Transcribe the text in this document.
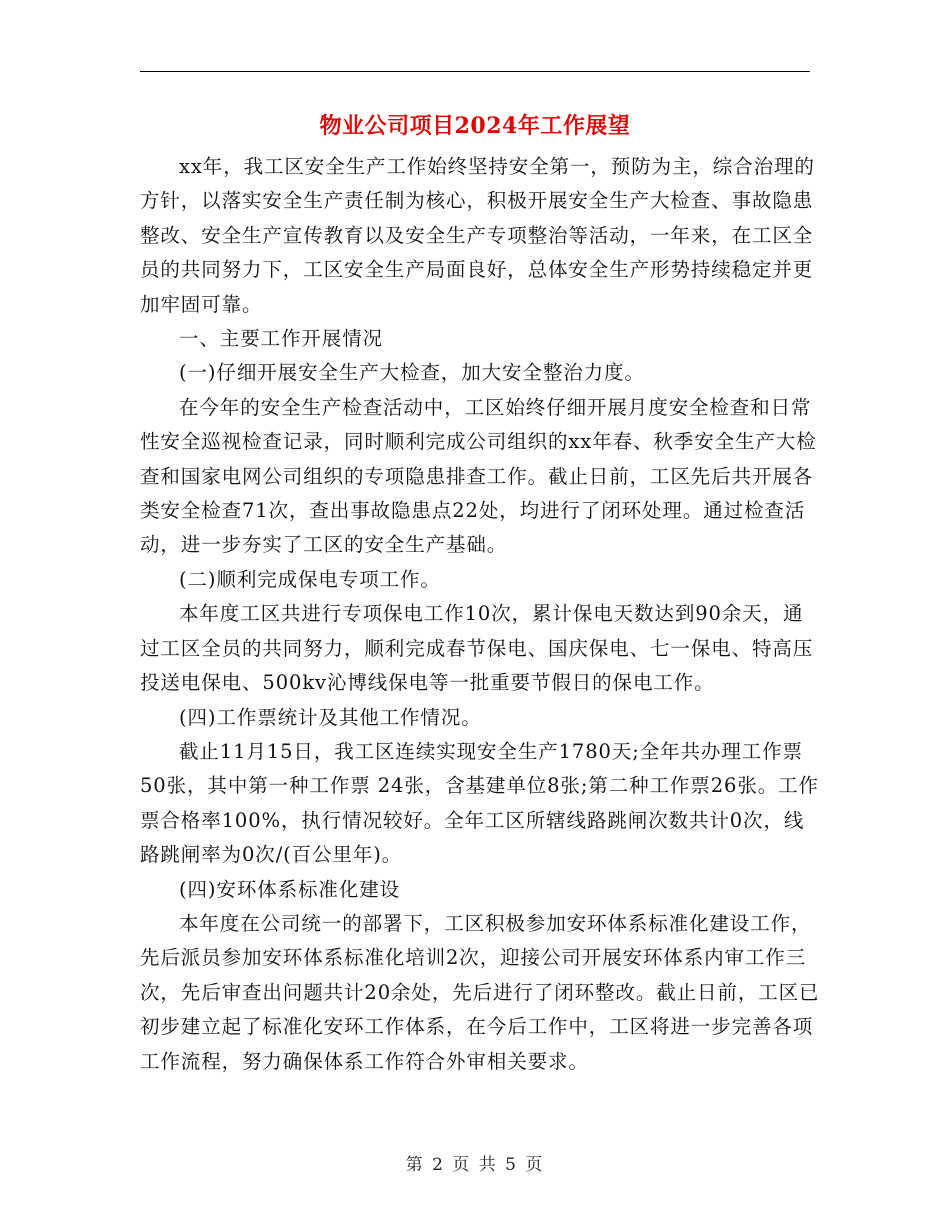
物业公司项目2024年工作展望

xx年，我工区安全生产工作始终坚持安全第一，预防为主，综合治理的方针，以落实安全生产责任制为核心，积极开展安全生产大检查、事故隐患整改、安全生产宣传教育以及安全生产专项整治等活动，一年来，在工区全员的共同努力下，工区安全生产局面良好，总体安全生产形势持续稳定并更加牢固可靠。

一、主要工作开展情况

(一)仔细开展安全生产大检查，加大安全整治力度。

在今年的安全生产检查活动中，工区始终仔细开展月度安全检查和日常性安全巡视检查记录，同时顺利完成公司组织的xx年春、秋季安全生产大检查和国家电网公司组织的专项隐患排查工作。截止日前，工区先后共开展各类安全检查71次，查出事故隐患点22处，均进行了闭环处理。通过检查活动，进一步夯实了工区的安全生产基础。

(二)顺利完成保电专项工作。

本年度工区共进行专项保电工作10次，累计保电天数达到90余天，通过工区全员的共同努力，顺利完成春节保电、国庆保电、七一保电、特高压投送电保电、500kv沁博线保电等一批重要节假日的保电工作。

(四)工作票统计及其他工作情况。

截止11月15日，我工区连续实现安全生产1780天;全年共办理工作票50张，其中第一种工作票 24张，含基建单位8张;第二种工作票26张。工作票合格率100%，执行情况较好。全年工区所辖线路跳闸次数共计0次，线路跳闸率为0次/(百公里年)。

(四)安环体系标准化建设

本年度在公司统一的部署下，工区积极参加安环体系标准化建设工作，先后派员参加安环体系标准化培训2次，迎接公司开展安环体系内审工作三次，先后审查出问题共计20余处，先后进行了闭环整改。截止日前，工区已初步建立起了标准化安环工作体系，在今后工作中，工区将进一步完善各项工作流程，努力确保体系工作符合外审相关要求。

第 2 页 共 5 页
